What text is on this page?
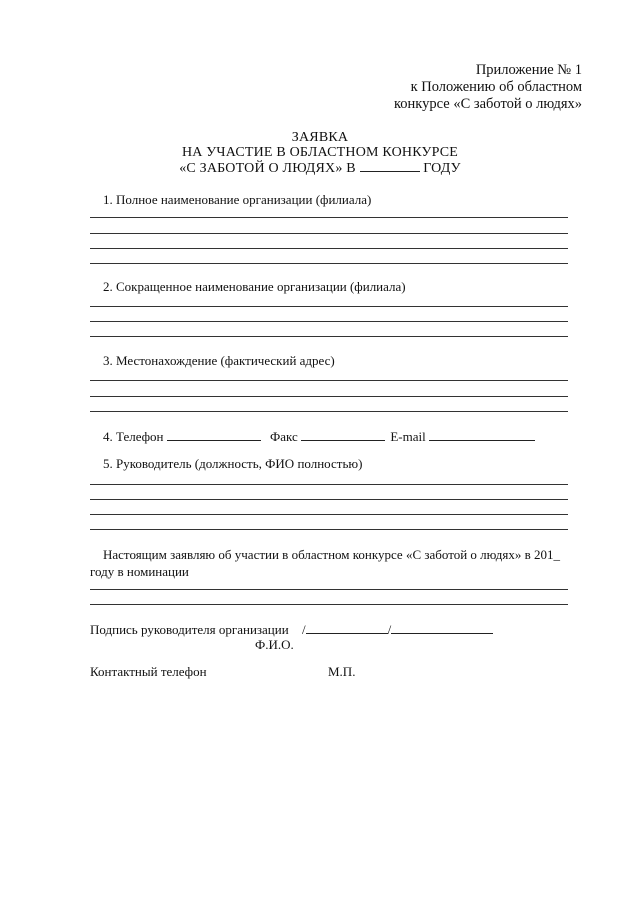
Приложение № 1
к Положению об областном
конкурсе «С заботой о людях»
ЗАЯВКА
НА УЧАСТИЕ В ОБЛАСТНОМ КОНКУРСЕ
«С ЗАБОТОЙ О ЛЮДЯХ» В	ГОДУ
1. Полное наименование организации (филиала)
2. Сокращенное наименование организации (филиала)
3. Местонахождение (фактический адрес)
4. Телефон	Факс	E-mail
5. Руководитель (должность, ФИО полностью)
Настоящим заявляю об участии в областном конкурсе «С заботой о людях» в 201_ году в номинации
Подпись руководителя организации /	/
Ф.И.О.
Контактный телефон	М.П.
